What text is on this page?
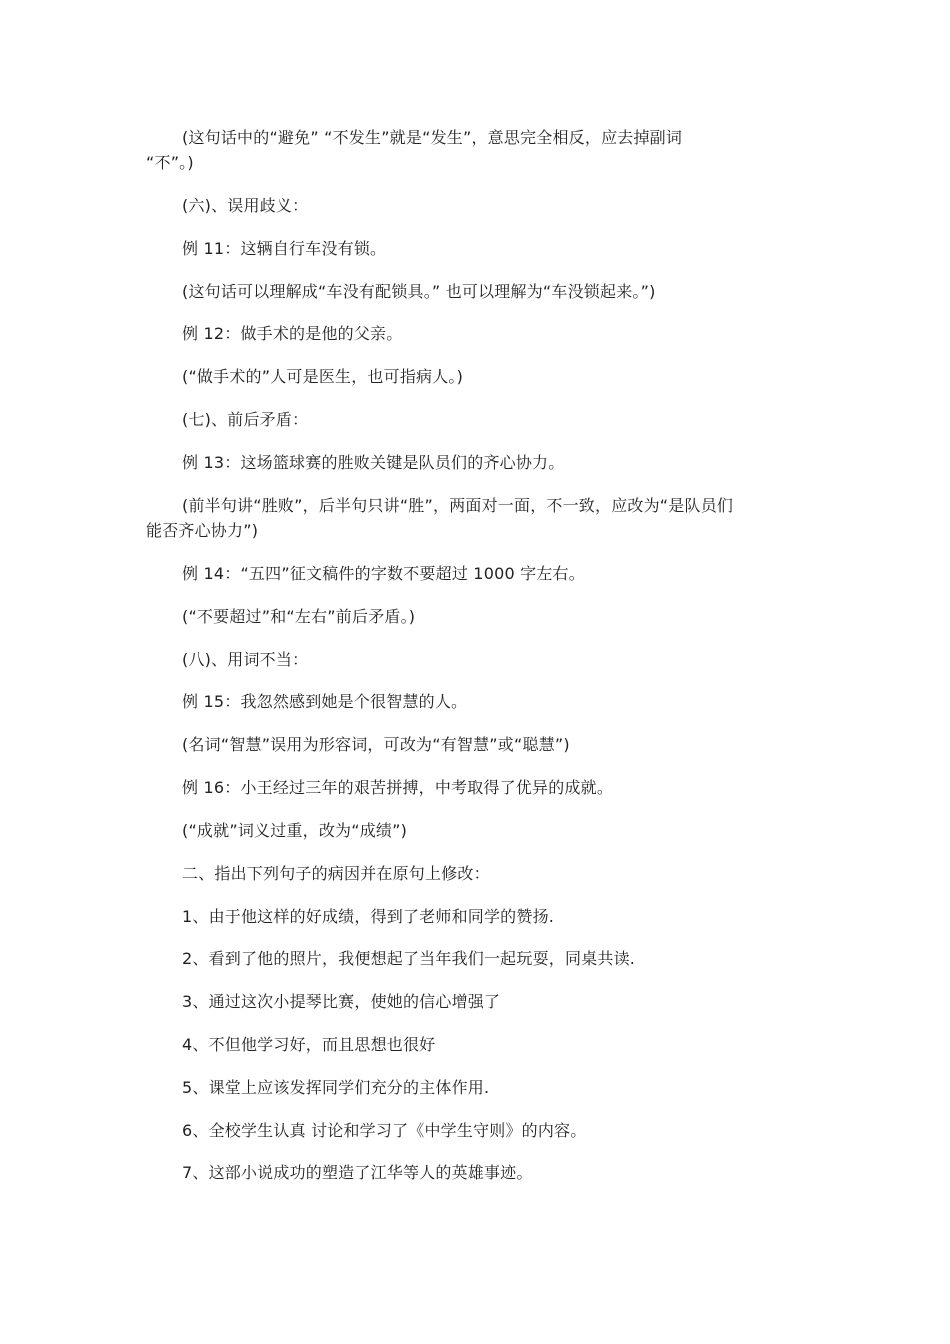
(这句话中的“避免” “不发生”就是“发生”，意思完全相反，应去掉副词
“不”。)
(六)、误用歧义：
例 11：这辆自行车没有锁。
(这句话可以理解成“车没有配锁具。” 也可以理解为“车没锁起来。”)
例 12：做手术的是他的父亲。
(“做手术的”人可是医生，也可指病人。)
(七)、前后矛盾：
例 13：这场篮球赛的胜败关键是队员们的齐心协力。
(前半句讲“胜败”，后半句只讲“胜”，两面对一面，不一致，应改为“是队员们
能否齐心协力”)
例 14：“五四”征文稿件的字数不要超过 1000 字左右。
(“不要超过”和“左右”前后矛盾。)
(八)、用词不当：
例 15：我忽然感到她是个很智慧的人。
(名词“智慧”误用为形容词，可改为“有智慧”或“聪慧”)
例 16：小王经过三年的艰苦拼搏，中考取得了优异的成就。
(“成就”词义过重，改为“成绩”)
二、指出下列句子的病因并在原句上修改：
1、由于他这样的好成绩，得到了老师和同学的赞扬.
2、看到了他的照片，我便想起了当年我们一起玩耍，同桌共读.
3、通过这次小提琴比赛，使她的信心增强了
4、不但他学习好，而且思想也很好
5、课堂上应该发挥同学们充分的主体作用.
6、全校学生认真 讨论和学习了《中学生守则》的内容。
7、这部小说成功的塑造了江华等人的英雄事迹。
